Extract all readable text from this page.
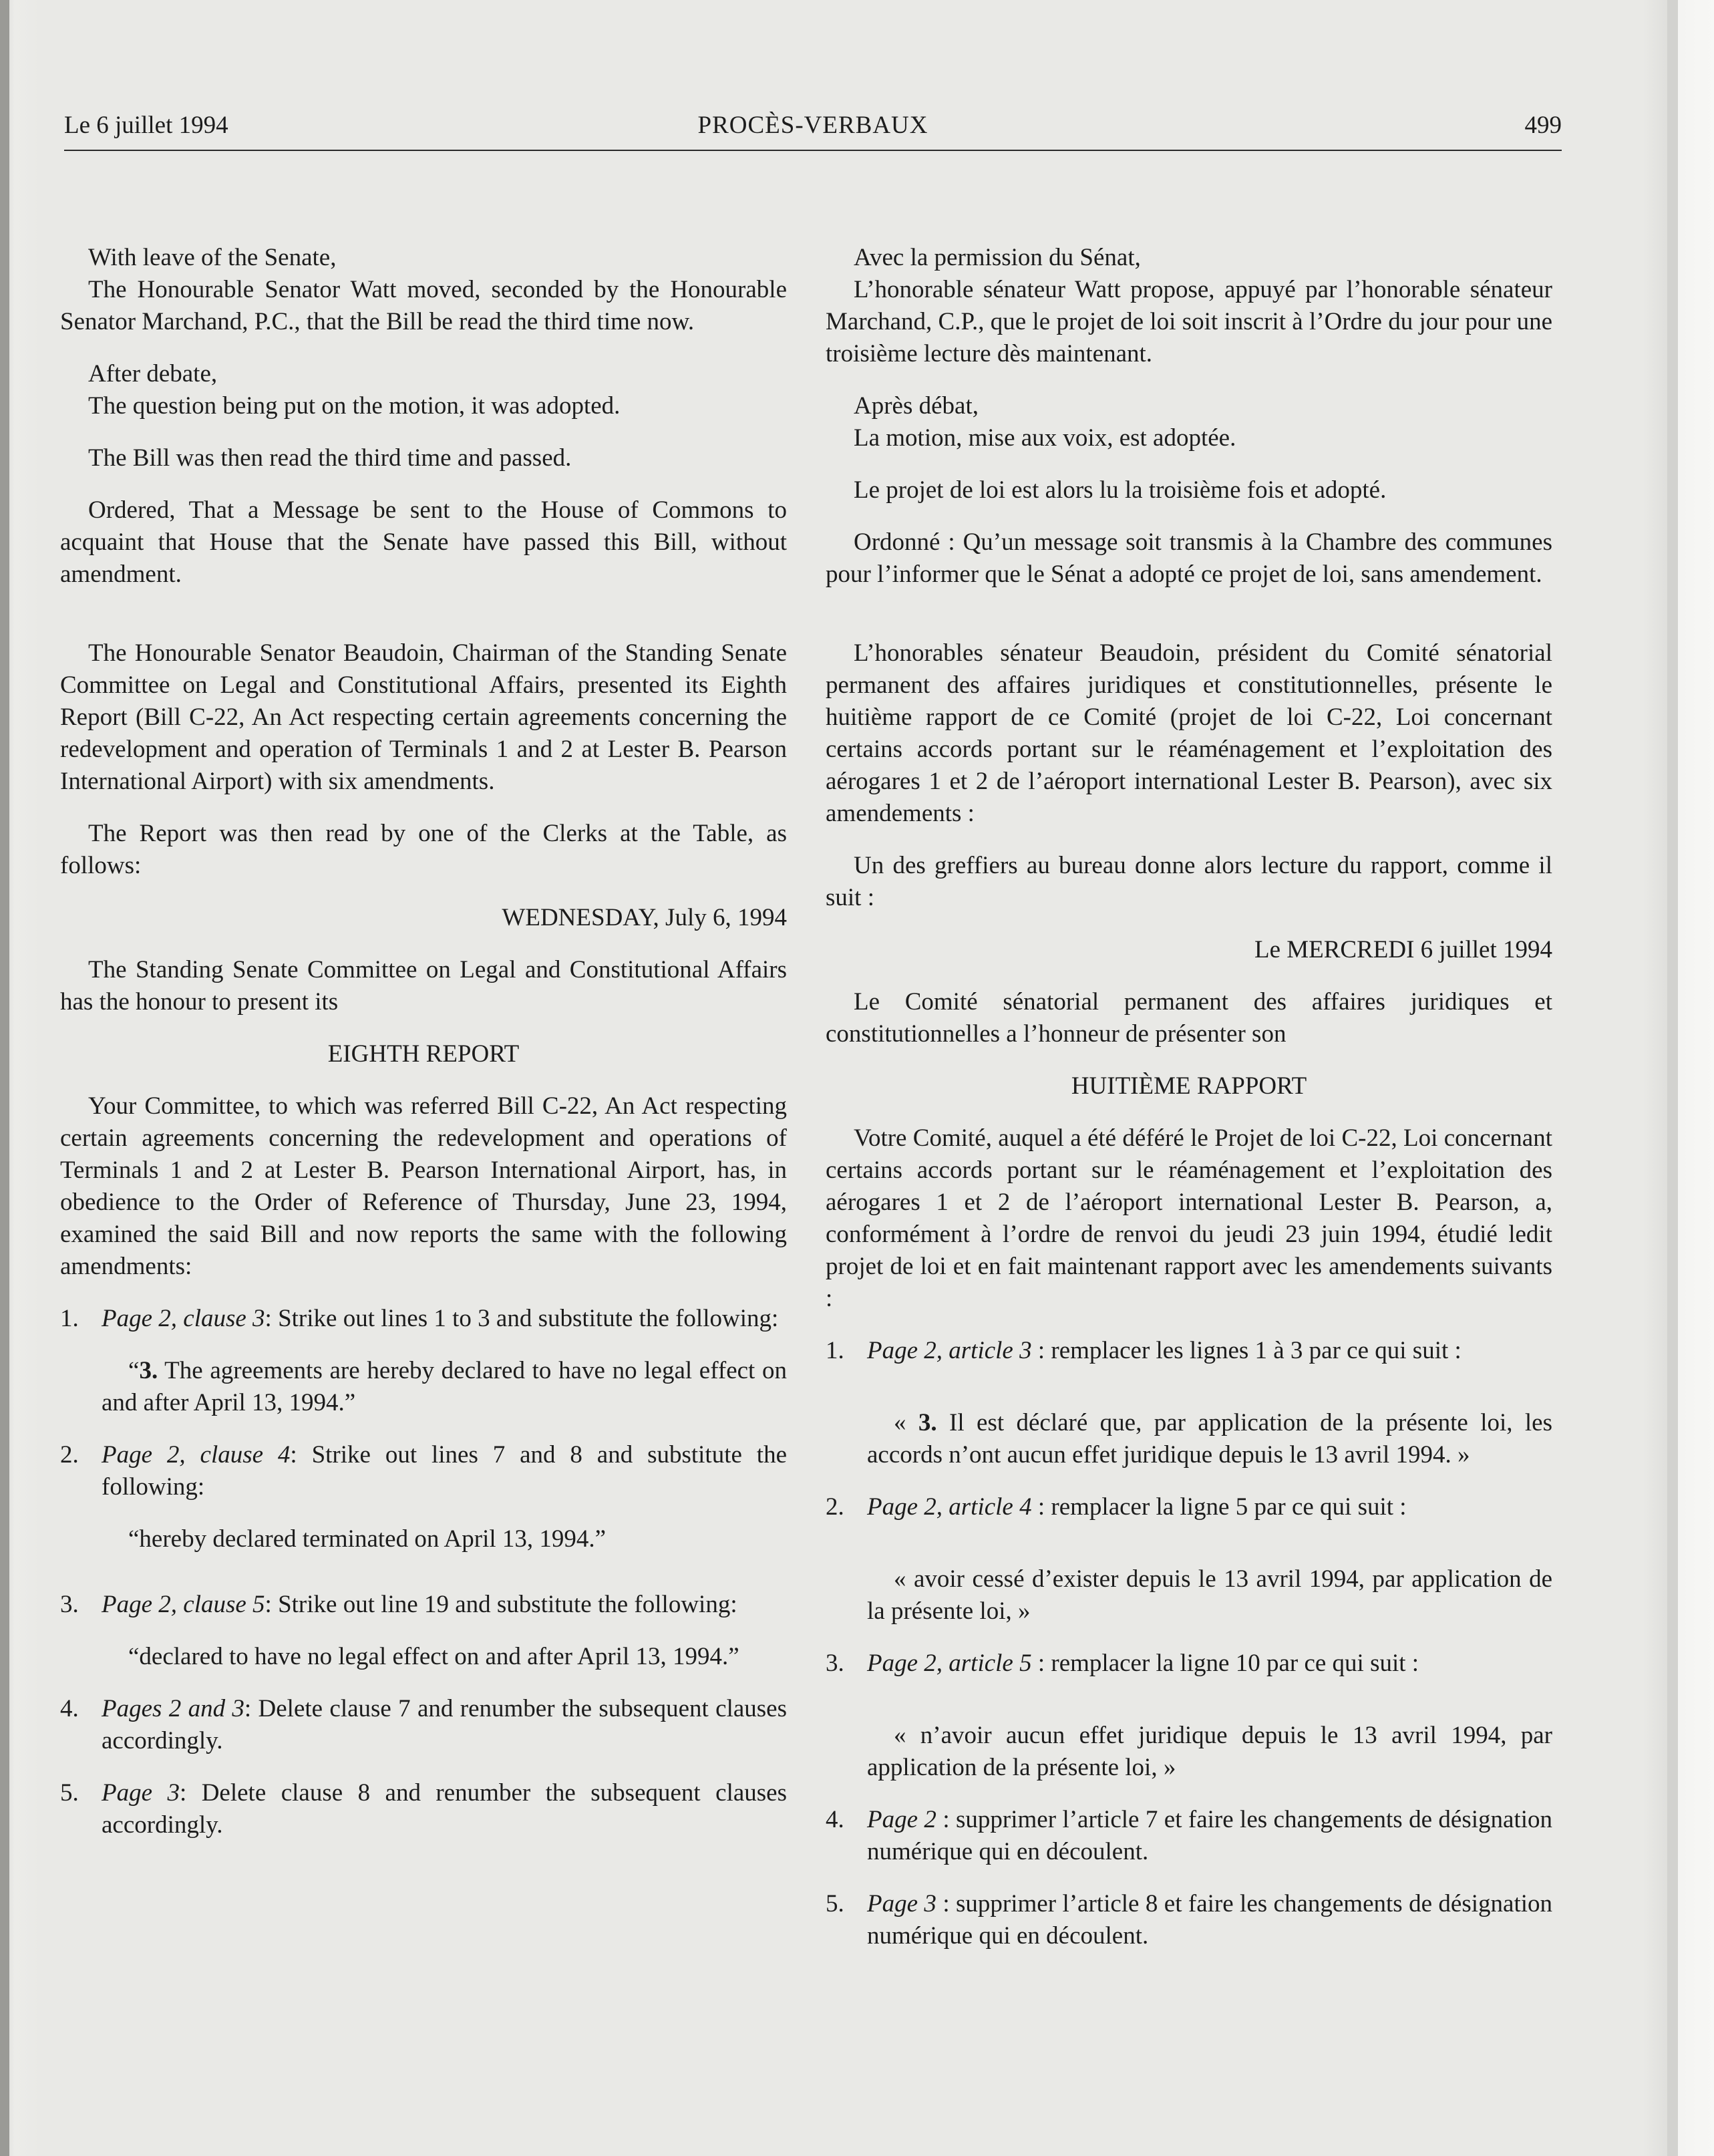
Le 6 juillet 1994	PROCÈS-VERBAUX	499

With leave of the Senate,

The Honourable Senator Watt moved, seconded by the Honourable Senator Marchand, P.C., that the Bill be read the third time now.

After debate,

The question being put on the motion, it was adopted.

The Bill was then read the third time and passed.

Ordered, That a Message be sent to the House of Commons to acquaint that House that the Senate have passed this Bill, without amendment.

The Honourable Senator Beaudoin, Chairman of the Standing Senate Committee on Legal and Constitutional Affairs, presented its Eighth Report (Bill C-22, An Act respecting certain agreements concerning the redevelopment and operation of Terminals 1 and 2 at Lester B. Pearson International Airport) with six amendments.

The Report was then read by one of the Clerks at the Table, as follows:

WEDNESDAY, July 6, 1994

The Standing Senate Committee on Legal and Constitutional Affairs has the honour to present its

EIGHTH REPORT

Your Committee, to which was referred Bill C-22, An Act respecting certain agreements concerning the redevelopment and operations of Terminals 1 and 2 at Lester B. Pearson International Airport, has, in obedience to the Order of Reference of Thursday, June 23, 1994, examined the said Bill and now reports the same with the following amendments:

1 . Page 2, clause 3: Strike out lines 1 to 3 and substitute the following:

“3. The agreements are hereby declared to have no legal effect on and after April 13, 1994.”

2 . Page 2, clause 4: Strike out lines 7 and 8 and substitute the following:

“hereby declared terminated on April 13, 1994.”

3 . Page 2, clause 5: Strike out line 19 and substitute the following:

“declared to have no legal effect on and after April 13, 1994.”

4 . Pages 2 and 3: Delete clause 7 and renumber the subsequent clauses accordingly.
5 . Page 3: Delete clause 8 and renumber the subsequent clauses accordingly.

Avec la permission du Sénat,

L’honorable sénateur Watt propose, appuyé par l’honorable sénateur Marchand, C.P., que le projet de loi soit inscrit à l’Ordre du jour pour une troisième lecture dès maintenant.

Après débat,

La motion, mise aux voix, est adoptée.

Le projet de loi est alors lu la troisième fois et adopté.

Ordonné : Qu’un message soit transmis à la Chambre des communes pour l’informer que le Sénat a adopté ce projet de loi, sans amendement.

L’honorables sénateur Beaudoin, président du Comité sénatorial permanent des affaires juridiques et constitutionnelles, présente le huitième rapport de ce Comité (projet de loi C-22, Loi concernant certains accords portant sur le réaménagement et l’exploitation des aérogares 1 et 2 de l’aéroport international Lester B. Pearson), avec six amendements :

Un des greffiers au bureau donne alors lecture du rapport, comme il suit :

Le MERCREDI 6 juillet 1994

Le Comité sénatorial permanent des affaires juridiques et constitutionnelles a l’honneur de présenter son

HUITIÈME RAPPORT

Votre Comité, auquel a été déféré le Projet de loi C-22, Loi concernant certains accords portant sur le réaménagement et l’exploitation des aérogares 1 et 2 de l’aéroport international Lester B. Pearson, a, conformément à l’ordre de renvoi du jeudi 23 juin 1994, étudié ledit projet de loi et en fait maintenant rapport avec les amendements suivants :

1 . Page 2, article 3 : remplacer les lignes 1 à 3 par ce qui suit :

« 3. Il est déclaré que, par application de la présente loi, les accords n’ont aucun effet juridique depuis le 13 avril 1994. »

2 . Page 2, article 4 : remplacer la ligne 5 par ce qui suit :

« avoir cessé d’exister depuis le 13 avril 1994, par application de la présente loi, »

3 . Page 2, article 5 : remplacer la ligne 10 par ce qui suit :

« n’avoir aucun effet juridique depuis le 13 avril 1994, par application de la présente loi, »

4 . Page 2 : supprimer l’article 7 et faire les changements de désignation numérique qui en découlent.
5 . Page 3 : supprimer l’article 8 et faire les changements de désignation numérique qui en découlent.
